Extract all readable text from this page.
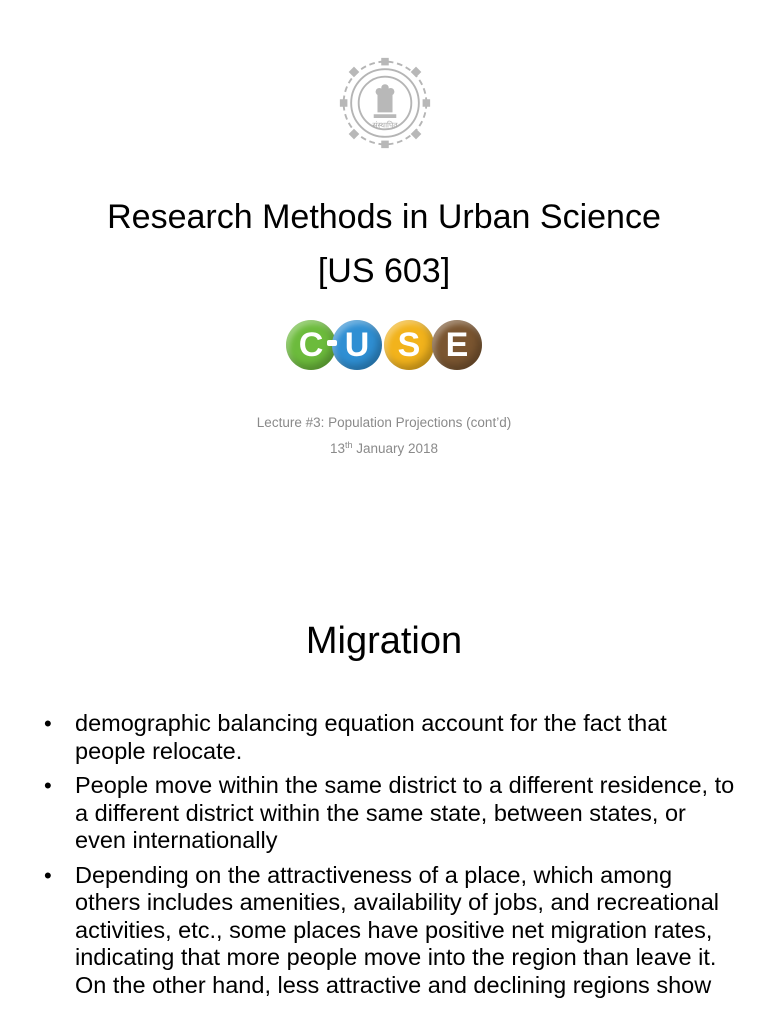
संस्थापित
Research Methods in Urban Science
[US 603]
C U S E

Lecture #3: Population Projections (cont’d)

13th January 2018

Migration
• demographic balancing equation account for the fact that people relocate.
• People move within the same district to a different residence, to a different district within the same state, between states, or even internationally
• Depending on the attractiveness of a place, which among others includes amenities, availability of jobs, and recreational activities, etc., some places have positive net migration rates, indicating that more people move into the region than leave it. On the other hand, less attractive and declining regions show
